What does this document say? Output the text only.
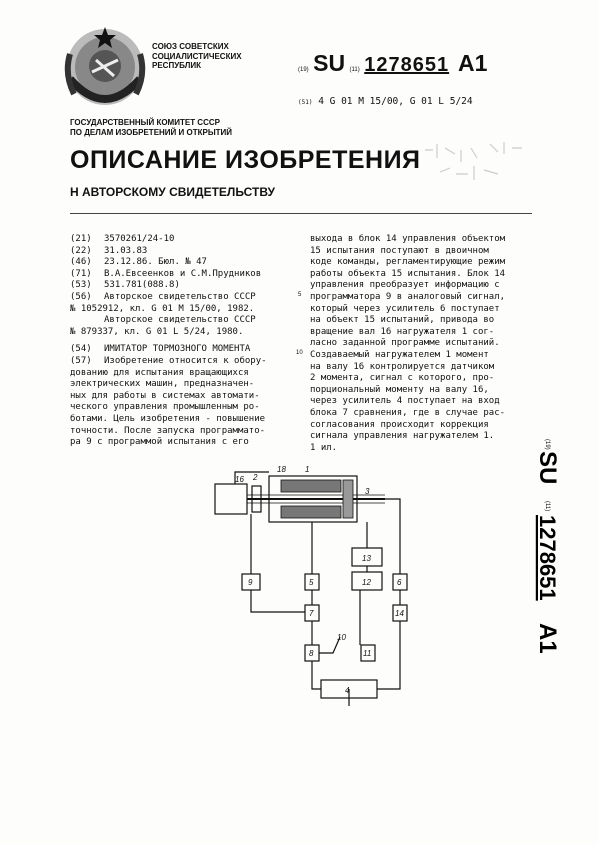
СОЮЗ СОВЕТСКИХ
СОЦИАЛИСТИЧЕСКИХ
РЕСПУБЛИК	(19) SU (11) 1278651 A1
(51) 4 G 01 M 15/00, G 01 L 5/24
ГОСУДАРСТВЕННЫЙ КОМИТЕТ СССР
ПО ДЕЛАМ ИЗОБРЕТЕНИЙ И ОТКРЫТИЙ
ОПИСАНИЕ ИЗОБРЕТЕНИЯ
Н АВТОРСКОМУ СВИДЕТЕЛЬСТВУ
(21)	3570261/24-10
(22)	31.03.83
(46)	23.12.86. Бюл. № 47
(71)	В.А.Евсеенков и С.М.Прудников
(53)	531.781(088.8)
(56)	Авторское свидетельство СССР
№ 1052912, кл. G 01 M 15/00, 1982.
Авторское свидетельство СССР
№ 879337, кл. G 01 L 5/24, 1980.
(54)	ИМИТАТОР ТОРМОЗНОГО МОМЕНТА
(57)	Изобретение относится к обору-
дованию для испытания вращающихся
электрических машин, предназначен-
ных для работы в системах автомати-
ческого управления промышленным ро-
ботами. Цель изобретения - повышение
точности. После запуска программато-
ра 9 с программой испытания с его
выхода в блок 14 управления объектом
15 испытания поступают в двоичном
коде команды, регламентирующие режим
работы объекта 15 испытания. Блок 14
управления преобразует информацию с
программатора 9 в аналоговый сигнал,
который через усилитель 6 поступает
на объект 15 испытаний, привода во
вращение вал 16 нагружателя 1 сог-
ласно заданной программе испытаний.
Создаваемый нагружателем 1 момент
на валу 16 контролируется датчиком
2 момента, сигнал с которого, про-
порциональный моменту на валу 16,
через усилитель 4 поступает на вход
блока 7 сравнения, где в случае рас-
согласования происходит коррекция
сигнала управления нагружателем 1.
1 ил.
5
10
(19)
SU
(11)
1278651
A1
18 1
2
16
3
9	5
13
12	6
7	14
8	11
10
4
